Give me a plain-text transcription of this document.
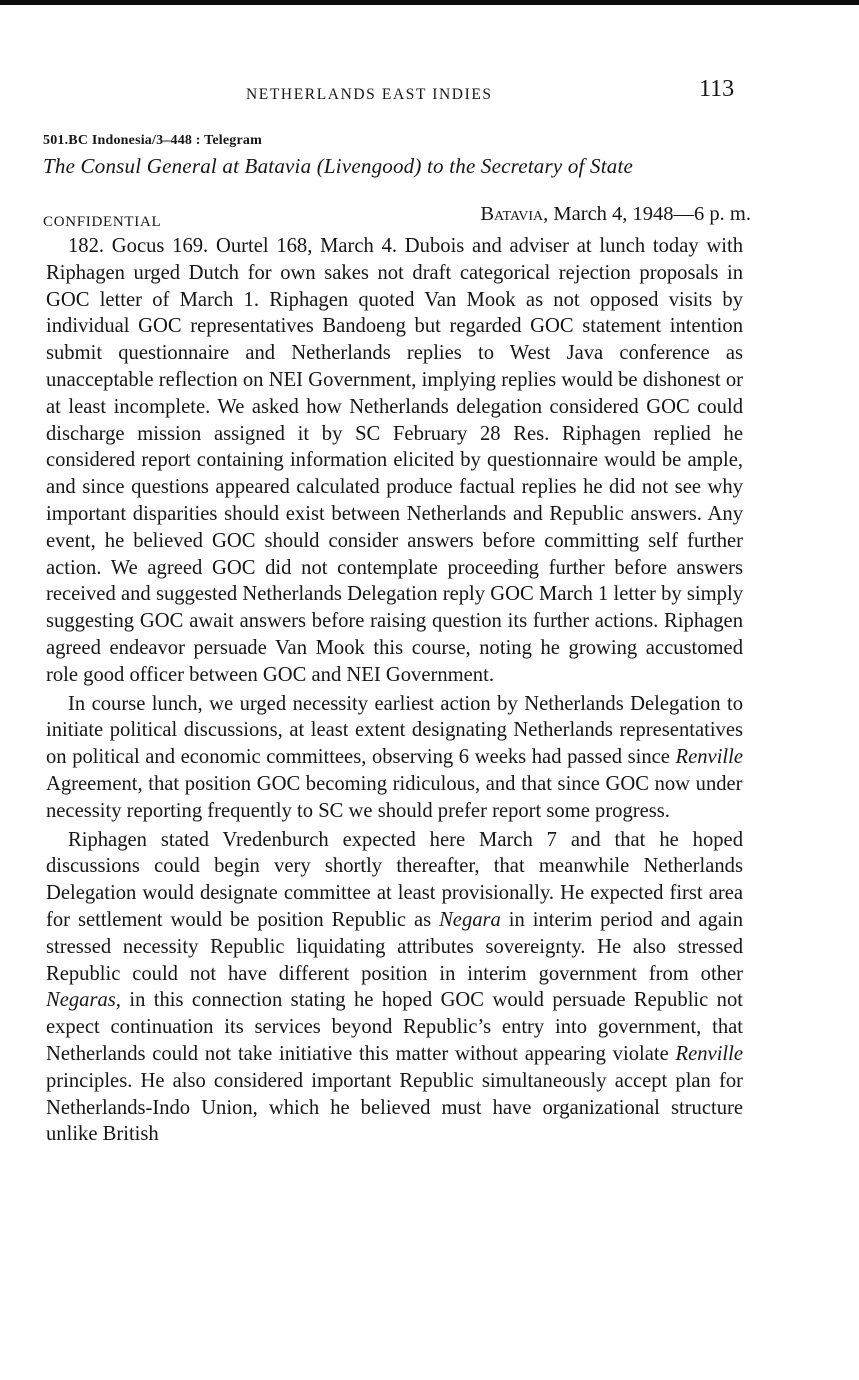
NETHERLANDS EAST INDIES	113
501.BC Indonesia/3–448 : Telegram
The Consul General at Batavia (Livengood) to the Secretary of State
CONFIDENTIAL	Batavia, March 4, 1948—6 p. m.

182. Gocus 169. Ourtel 168, March 4. Dubois and adviser at lunch today with Riphagen urged Dutch for own sakes not draft categorical rejection proposals in GOC letter of March 1. Riphagen quoted Van Mook as not opposed visits by individual GOC representatives Bandoeng but regarded GOC statement intention submit questionnaire and Netherlands replies to West Java conference as unacceptable reflection on NEI Government, implying replies would be dishonest or at least incomplete. We asked how Netherlands delegation considered GOC could discharge mission assigned it by SC February 28 Res. Riphagen replied he considered report containing information elicited by questionnaire would be ample, and since questions appeared calculated produce factual replies he did not see why important disparities should exist between Netherlands and Republic answers. Any event, he believed GOC should consider answers before committing self further action. We agreed GOC did not contemplate proceeding further before answers received and suggested Netherlands Delegation reply GOC March 1 letter by simply suggesting GOC await answers before raising question its further actions. Riphagen agreed endeavor persuade Van Mook this course, noting he growing accustomed role good officer between GOC and NEI Government.

In course lunch, we urged necessity earliest action by Netherlands Delegation to initiate political discussions, at least extent designating Netherlands representatives on political and economic committees, observing 6 weeks had passed since Renville Agreement, that position GOC becoming ridiculous, and that since GOC now under necessity reporting frequently to SC we should prefer report some progress.

Riphagen stated Vredenburch expected here March 7 and that he hoped discussions could begin very shortly thereafter, that meanwhile Netherlands Delegation would designate committee at least provisionally. He expected first area for settlement would be position Republic as Negara in interim period and again stressed necessity Republic liquidating attributes sovereignty. He also stressed Republic could not have different position in interim government from other Negaras, in this connection stating he hoped GOC would persuade Republic not expect continuation its services beyond Republic’s entry into government, that Netherlands could not take initiative this matter without appearing violate Renville principles. He also considered important Republic simultaneously accept plan for Netherlands-Indo Union, which he believed must have organizational structure unlike British
